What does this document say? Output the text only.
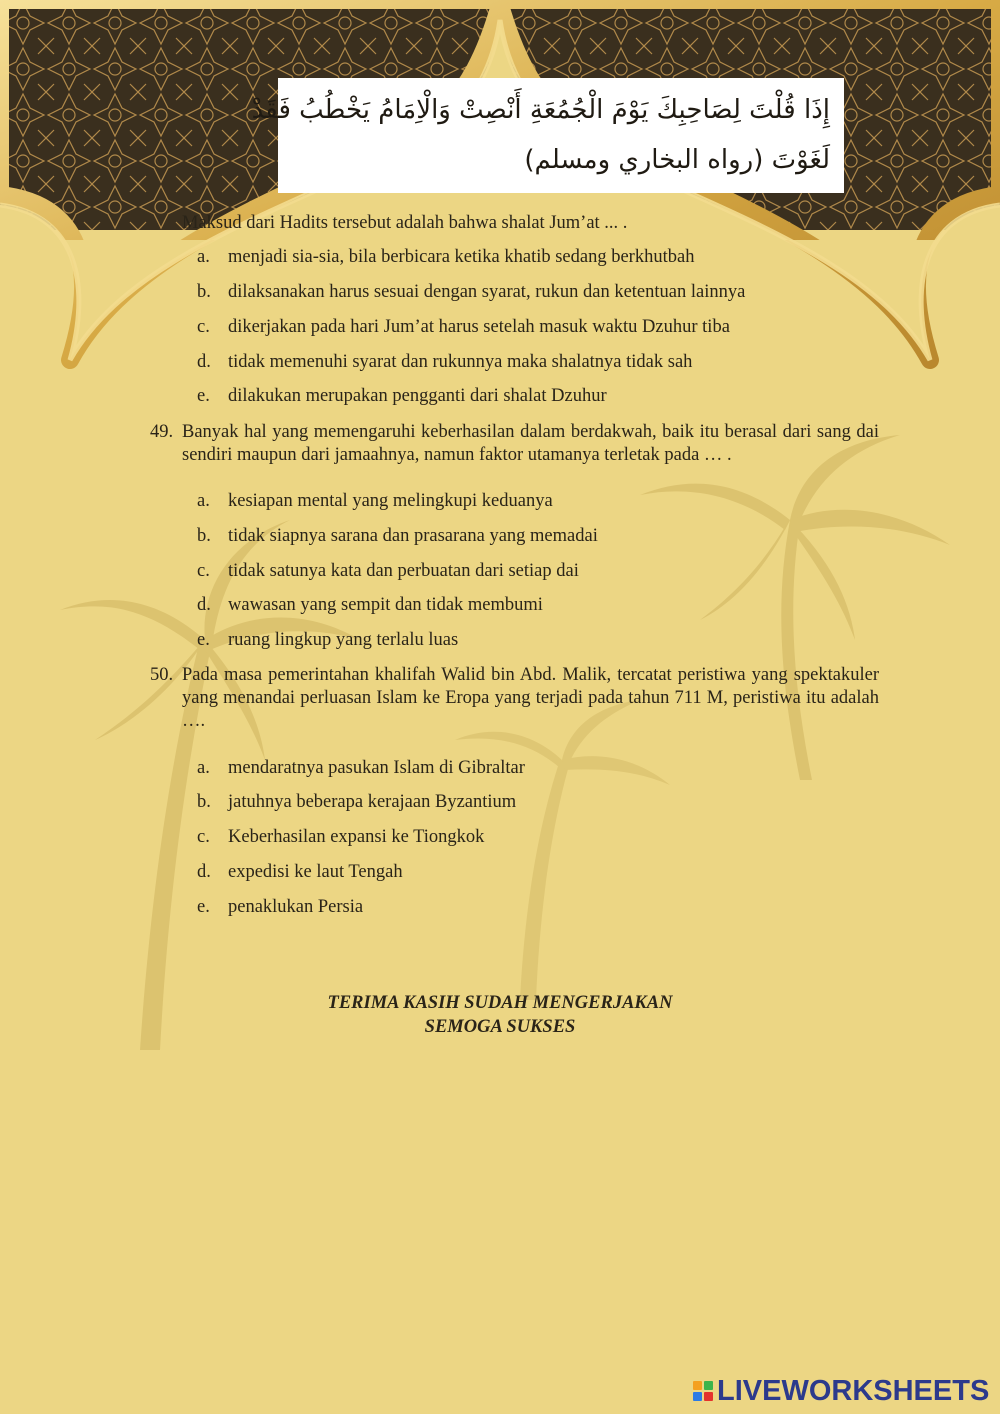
إِذَا قُلْتَ لِصَاحِبِكَ يَوْمَ الْجُمُعَةِ أَنْصِتْ وَالْاِمَامُ يَخْطُبُ فَقَدْ
لَغَوْتَ (رواه البخاري ومسلم)
Maksud dari Hadits tersebut adalah bahwa shalat Jum’at ... .
a. menjadi sia-sia, bila berbicara ketika khatib sedang berkhutbah
b. dilaksanakan harus sesuai dengan syarat, rukun dan ketentuan lainnya
c. dikerjakan pada hari Jum’at harus setelah masuk waktu Dzuhur tiba
d. tidak memenuhi syarat dan rukunnya maka shalatnya tidak sah
e. dilakukan merupakan pengganti dari shalat Dzuhur
49. Banyak hal yang memengaruhi keberhasilan dalam berdakwah, baik itu berasal dari sang dai sendiri maupun dari jamaahnya, namun faktor utamanya terletak pada … .
a. kesiapan mental yang melingkupi keduanya
b. tidak siapnya sarana dan prasarana yang memadai
c. tidak satunya kata dan perbuatan dari setiap dai
d. wawasan yang sempit dan tidak membumi
e. ruang lingkup yang terlalu luas
50. Pada masa pemerintahan khalifah Walid bin Abd. Malik, tercatat peristiwa yang spektakuler yang menandai perluasan Islam ke Eropa yang terjadi pada tahun 711 M, peristiwa itu adalah ….
a. mendaratnya pasukan Islam di Gibraltar
b. jatuhnya beberapa kerajaan Byzantium
c. Keberhasilan expansi ke Tiongkok
d. expedisi ke laut Tengah
e. penaklukan Persia
TERIMA KASIH SUDAH MENGERJAKAN
SEMOGA SUKSES
LIVEWORKSHEETS
